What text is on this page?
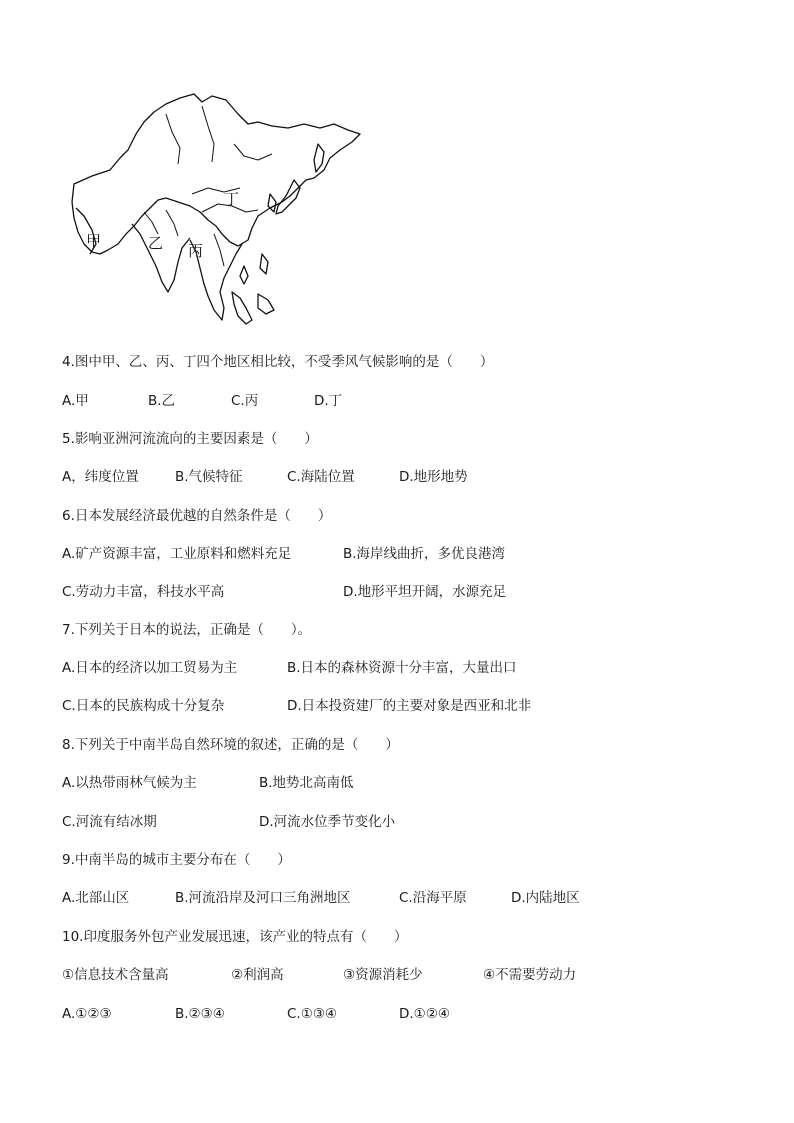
甲	乙 丙
丁
4.图中甲、乙、丙、丁四个地区相比较，不受季风气候影响的是（　　）
A.甲	B.乙	C.丙	D.丁
5.影响亚洲河流流向的主要因素是（　　）
A，纬度位置	B.气候特征	C.海陆位置	D.地形地势
6.日本发展经济最优越的自然条件是（　　）
A.矿产资源丰富，工业原料和燃料充足	B.海岸线曲折，多优良港湾
C.劳动力丰富，科技水平高	D.地形平坦开阔，水源充足
7.下列关于日本的说法，正确是（　　）。
A.日本的经济以加工贸易为主	B.日本的森林资源十分丰富，大量出口
C.日本的民族构成十分复杂	D.日本投资建厂的主要对象是西亚和北非
8.下列关于中南半岛自然环境的叙述，正确的是（　　）
A.以热带雨林气候为主	B.地势北高南低
C.河流有结冰期	D.河流水位季节变化小
9.中南半岛的城市主要分布在（　　）
A.北部山区	B.河流沿岸及河口三角洲地区	C.沿海平原	D.内陆地区
10.印度服务外包产业发展迅速，该产业的特点有（　　）
①信息技术含量高	②利润高	③资源消耗少	④不需要劳动力
A.①②③	B.②③④	C.①③④	D.①②④
